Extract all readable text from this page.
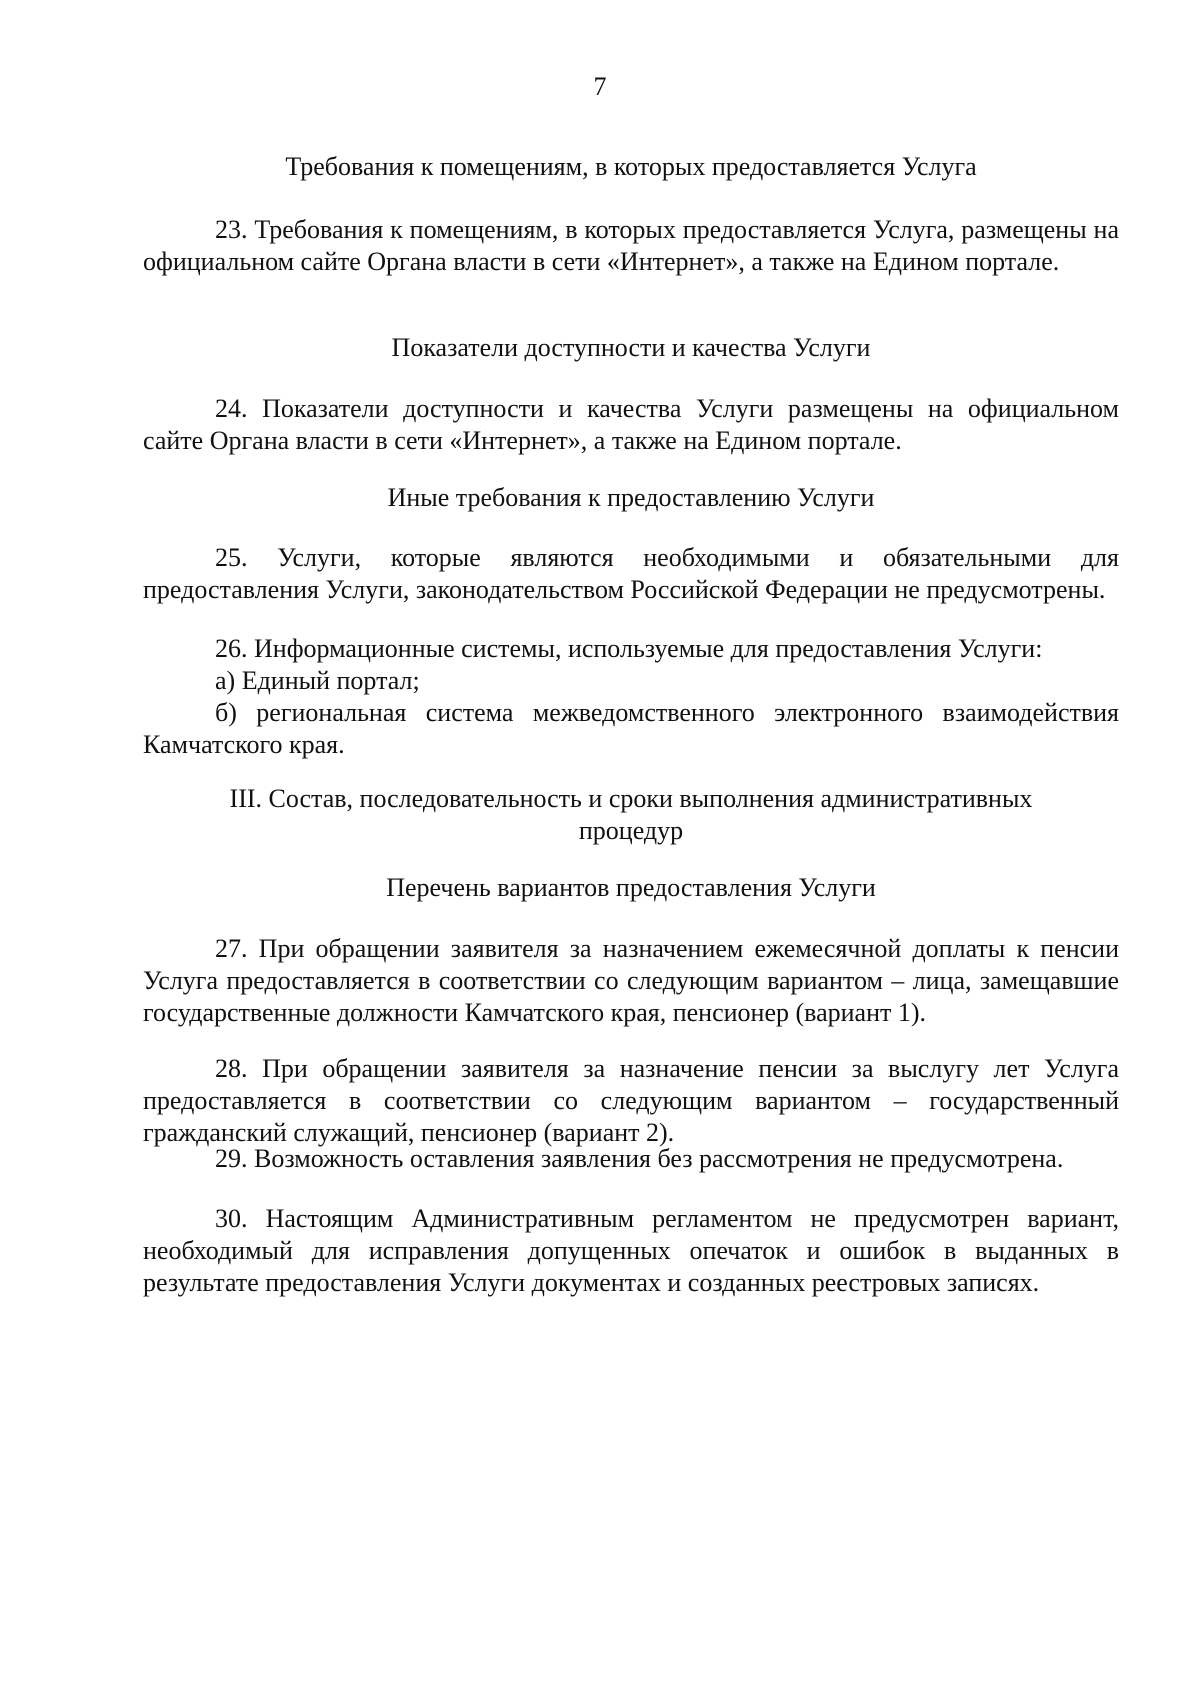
7
Требования к помещениям, в которых предоставляется Услуга

23. Требования к помещениям, в которых предоставляется Услуга, размещены на официальном сайте Органа власти в сети «Интернет», а также на Едином портале.

Показатели доступности и качества Услуги

24. Показатели доступности и качества Услуги размещены на официальном сайте Органа власти в сети «Интернет», а также на Едином портале.

Иные требования к предоставлению Услуги

25. Услуги, которые являются необходимыми и обязательными для предоставления Услуги, законодательством Российской Федерации не предусмотрены.

26. Информационные системы, используемые для предоставления Услуги:

а) Единый портал;

б) региональная система межведомственного электронного взаимодействия Камчатского края.

III. Состав, последовательность и сроки выполнения административных
процедур
Перечень вариантов предоставления Услуги

27. При обращении заявителя за назначением ежемесячной доплаты к пенсии Услуга предоставляется в соответствии со следующим вариантом – лица, замещавшие государственные должности Камчатского края, пенсионер (вариант 1).

28. При обращении заявителя за назначение пенсии за выслугу лет Услуга предоставляется в соответствии со следующим вариантом – государственный гражданский служащий, пенсионер (вариант 2).

29. Возможность оставления заявления без рассмотрения не предусмотрена.

30. Настоящим Административным регламентом не предусмотрен вариант, необходимый для исправления допущенных опечаток и ошибок в выданных в результате предоставления Услуги документах и созданных реестровых записях.
